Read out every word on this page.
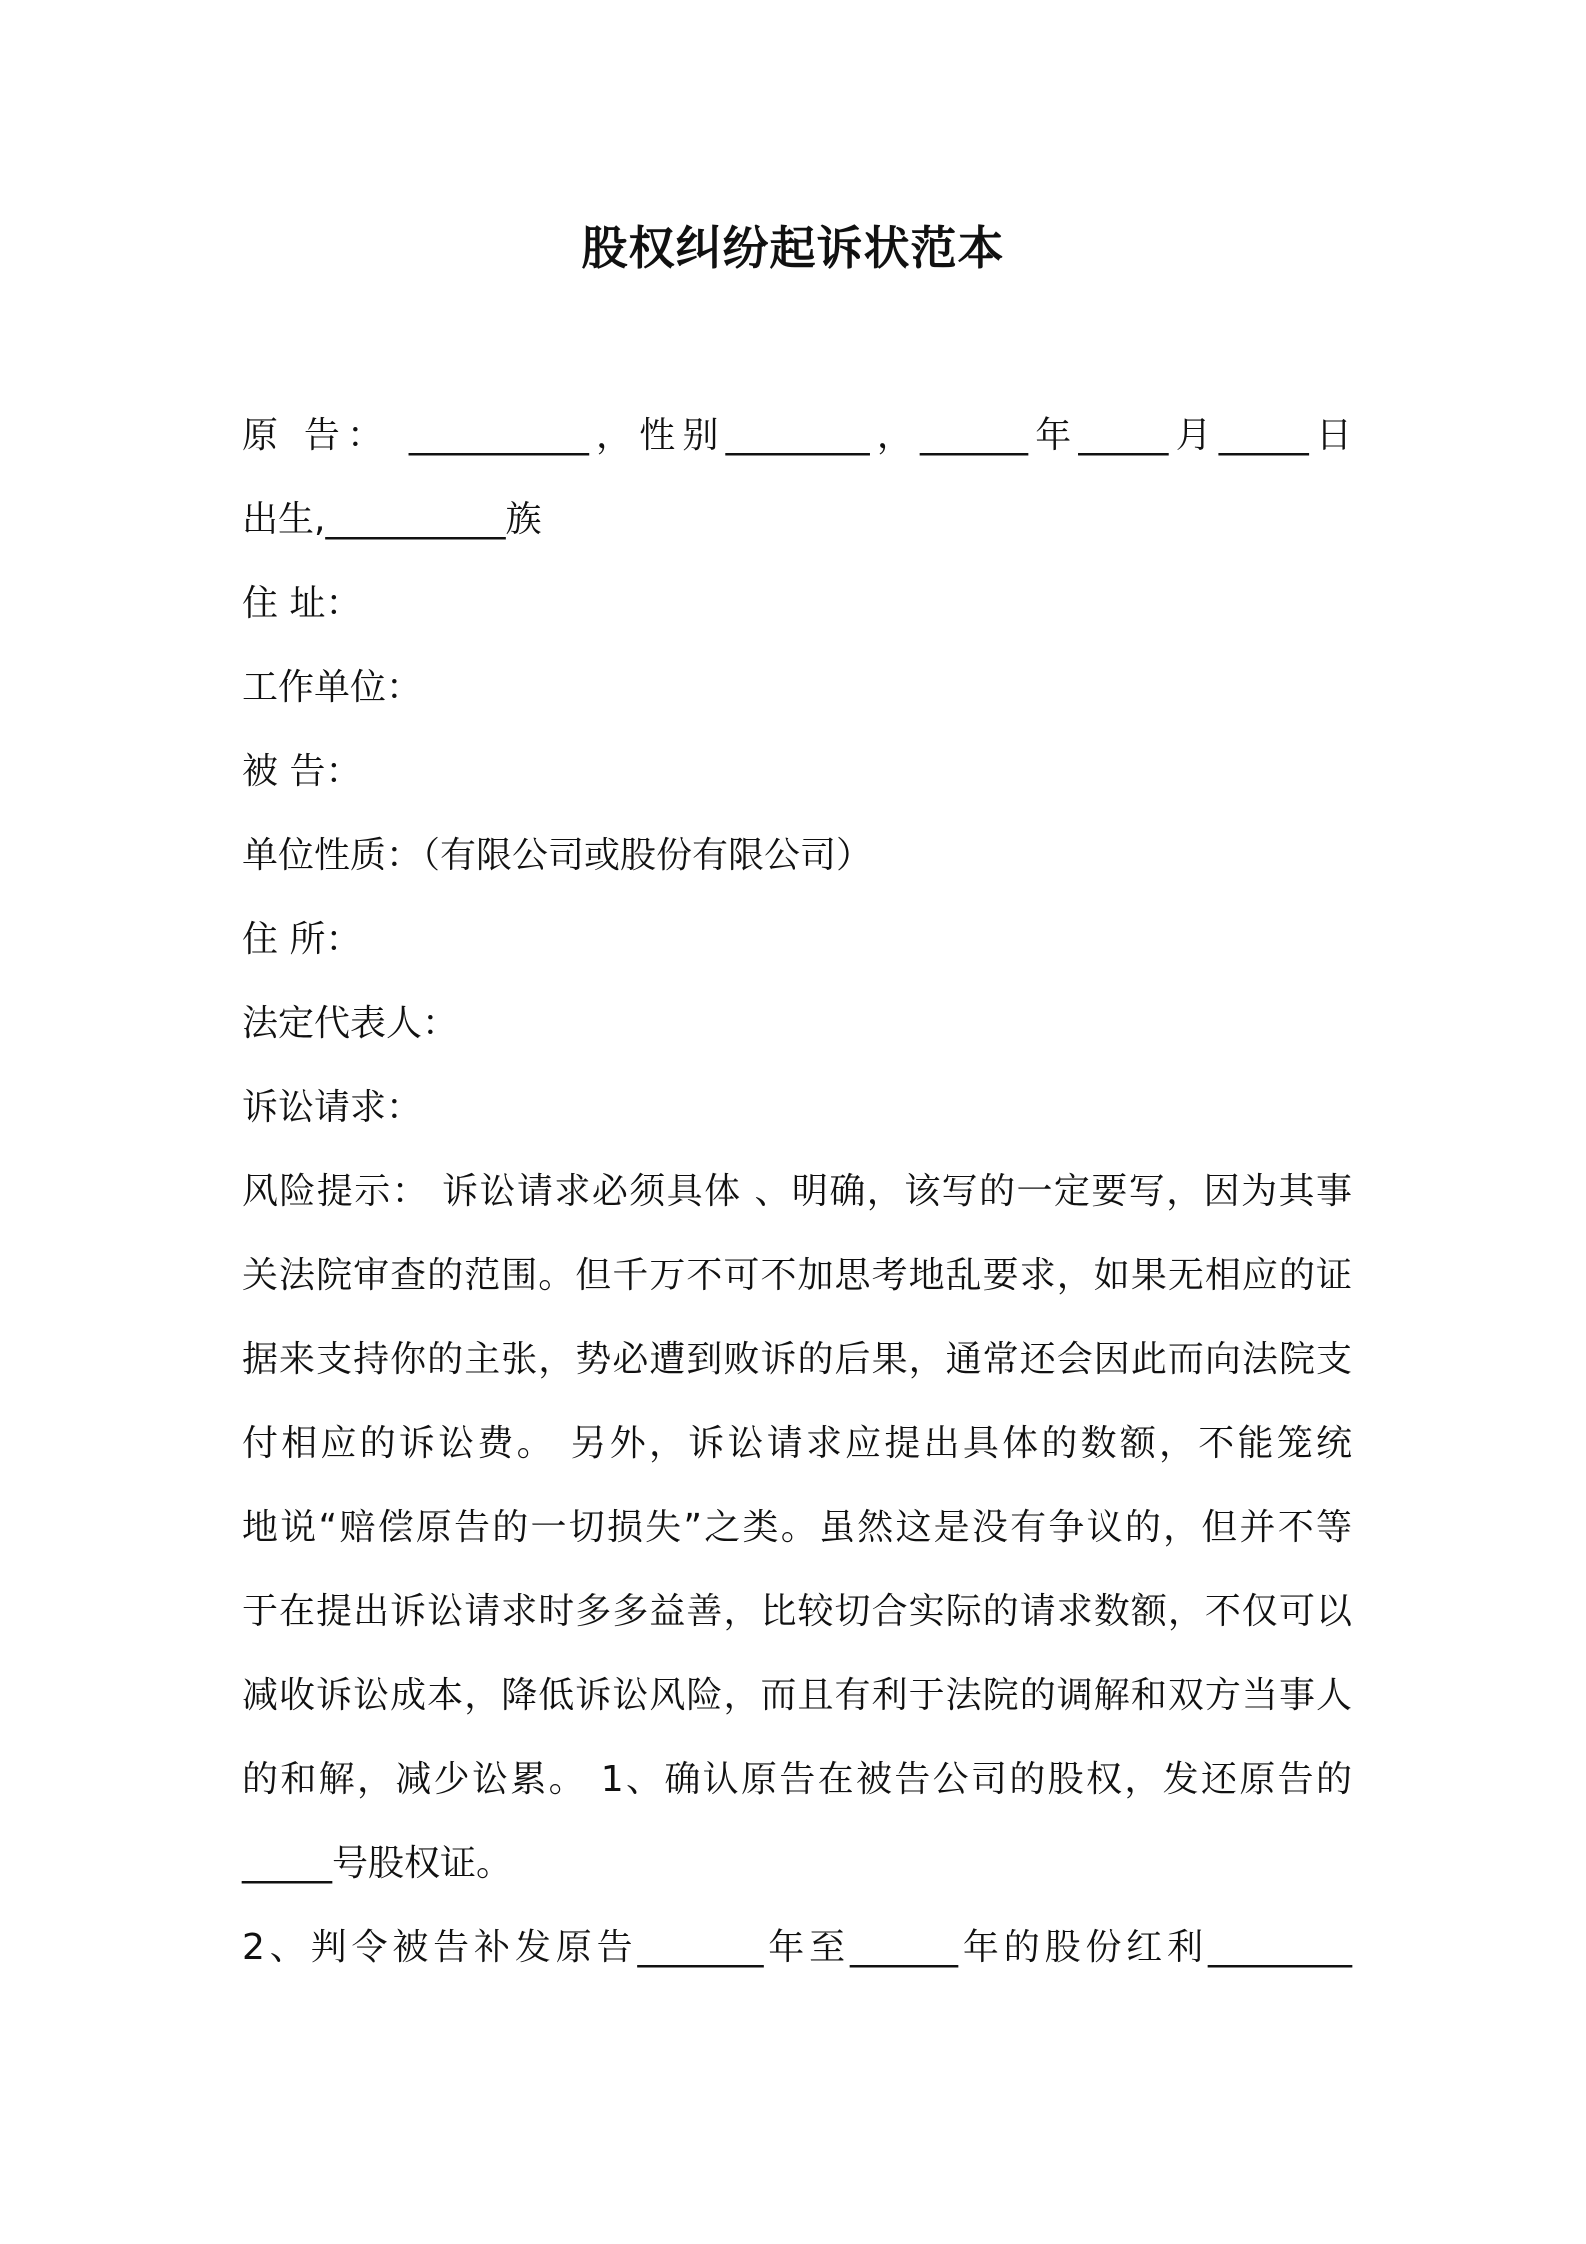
股权纠纷起诉状范本
原 告： __________，性别________，______年_____月_____日
出生,__________族
住 址：
工作单位：
被 告：
单位性质：（有限公司或股份有限公司）
住 所：
法定代表人：
诉讼请求：
风险提示： 诉讼请求必须具体 、明确，该写的一定要写，因为其事
关法院审查的范围。但千万不可不加思考地乱要求，如果无相应的证
据来支持你的主张，势必遭到败诉的后果，通常还会因此而向法院支
付相应的诉讼费。 另外，诉讼请求应提出具体的数额，不能笼统
地说“赔偿原告的一切损失”之类。虽然这是没有争议的，但并不等
于在提出诉讼请求时多多益善，比较切合实际的请求数额，不仅可以
减收诉讼成本，降低诉讼风险，而且有利于法院的调解和双方当事人
的和解，减少讼累。 1、确认原告在被告公司的股权，发还原告的
_____号股权证。
2、判令被告补发原告_______年至______年的股份红利________
